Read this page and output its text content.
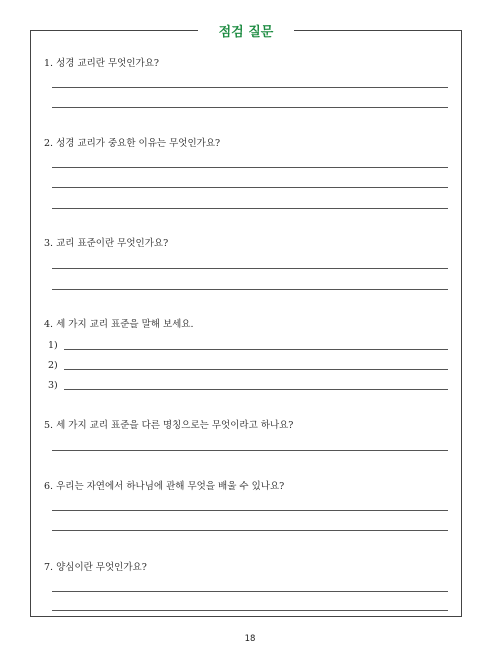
점검 질문
1. 성경 교리란 무엇인가요?
2. 성경 교리가 중요한 이유는 무엇인가요?
3. 교리 표준이란 무엇인가요?
4. 세 가지 교리 표준을 말해 보세요.
1)
2)
3)
5. 세 가지 교리 표준을 다른 명칭으로는 무엇이라고 하나요?
6. 우리는 자연에서 하나님에 관해 무엇을 배울 수 있나요?
7. 양심이란 무엇인가요?
18
